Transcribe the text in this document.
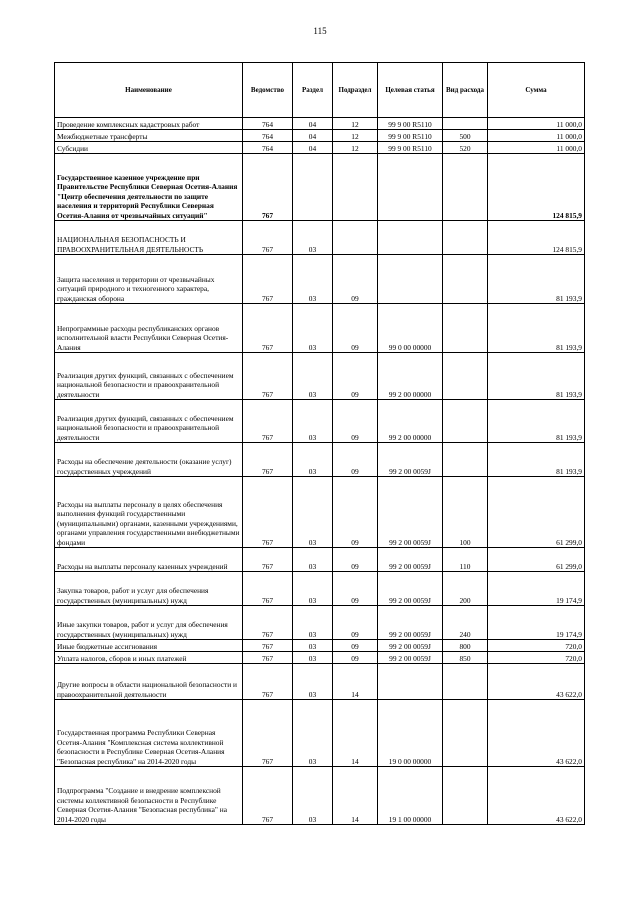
115
Наименование	Ведомство	Раздел	Подраздел	Целевая статья	Вид расхода	Сумма
Проведение комплексных кадастровых работ	764	04	12	99 9 00 R5110		11 000,0
Межбюджетные трансферты	764	04	12	99 9 00 R5110	500	11 000,0
Субсидии	764	04	12	99 9 00 R5110	520	11 000,0
Государственное казенное учреждение при Правительстве Республики Северная Осетия-Алания "Центр обеспечения деятельности по защите населения и территорий Республики Северная Осетия-Алания от чрезвычайных ситуаций"	767					124 815,9
НАЦИОНАЛЬНАЯ БЕЗОПАСНОСТЬ И ПРАВООХРАНИТЕЛЬНАЯ ДЕЯТЕЛЬНОСТЬ	767	03				124 815,9
Защита населения и территории от чрезвычайных ситуаций природного и техногенного характера, гражданская оборона	767	03	09			81 193,9
Непрограммные расходы республиканских органов исполнительной власти Республики Северная Осетия-Алания	767	03	09	99 0 00 00000		81 193,9
Реализация других функций, связанных с обеспечением национальной безопасности и правоохранительной деятельности	767	03	09	99 2 00 00000		81 193,9
Реализация других функций, связанных с обеспечением национальной безопасности и правоохранительной деятельности	767	03	09	99 2 00 00000		81 193,9
Расходы на обеспечение деятельности (оказание услуг) государственных учреждений	767	03	09	99 2 00 0059J		81 193,9
Расходы на выплаты персоналу в целях обеспечения выполнения функций государственными (муниципальными) органами, казенными учреждениями, органами управления государственными внебюджетными фондами	767	03	09	99 2 00 0059J	100	61 299,0
Расходы на выплаты персоналу казенных учреждений	767	03	09	99 2 00 0059J	110	61 299,0
Закупка товаров, работ и услуг для обеспечения государственных (муниципальных) нужд	767	03	09	99 2 00 0059J	200	19 174,9
Иные закупки товаров, работ и услуг для обеспечения государственных (муниципальных) нужд	767	03	09	99 2 00 0059J	240	19 174,9
Иные бюджетные ассигнования	767	03	09	99 2 00 0059J	800	720,0
Уплата налогов, сборов и иных платежей	767	03	09	99 2 00 0059J	850	720,0
Другие вопросы в области национальной безопасности и правоохранительной деятельности	767	03	14			43 622,0
Государственная программа Республики Северная Осетия-Алания "Комплексная система коллективной безопасности в Республике Северная Осетия-Алания "Безопасная республика" на 2014-2020 годы	767	03	14	19 0 00 00000		43 622,0
Подпрограмма "Создание и внедрение комплексной системы коллективной безопасности в Республике Северная Осетия-Алания "Безопасная республика" на 2014-2020 годы	767	03	14	19 1 00 00000		43 622,0
